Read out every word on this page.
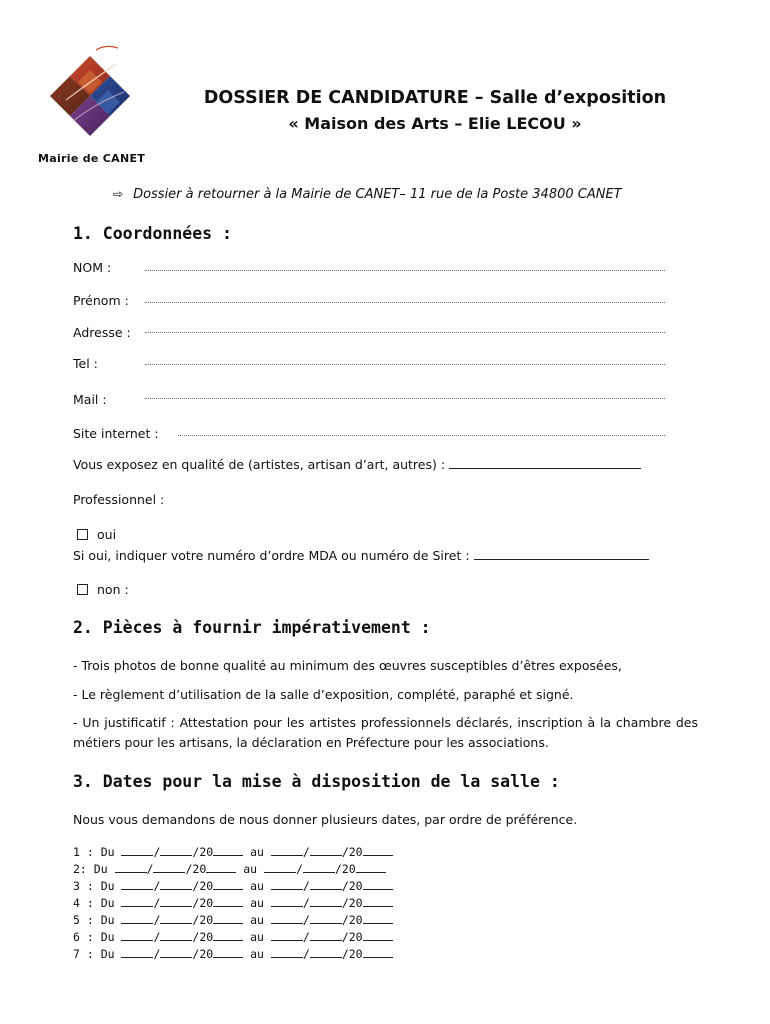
Mairie de CANET
DOSSIER DE CANDIDATURE – Salle d’exposition
« Maison des Arts – Elie LECOU »
⇨ Dossier à retourner à la Mairie de CANET– 11 rue de la Poste 34800 CANET
1. Coordonnées :
NOM :
Prénom :
Adresse :
Tel :
Mail :
Site internet :
Vous exposez en qualité de (artistes, artisan d’art, autres) :
Professionnel :
oui
Si oui, indiquer votre numéro d’ordre MDA ou numéro de Siret :
non :
2. Pièces à fournir impérativement :
- Trois photos de bonne qualité au minimum des œuvres susceptibles d’êtres exposées,
- Le règlement d’utilisation de la salle d’exposition, complété, paraphé et signé.
- Un justificatif : Attestation pour les artistes professionnels déclarés, inscription à la chambre des métiers pour les artisans, la déclaration en Préfecture pour les associations.
3. Dates pour la mise à disposition de la salle :
Nous vous demandons de nous donner plusieurs dates, par ordre de préférence.
1 : Du	/	/20	au	/	/20
2: Du	/	/20	au	/	/20
3 : Du	/	/20	au	/	/20
4 : Du	/	/20	au	/	/20
5 : Du	/	/20	au	/	/20
6 : Du	/	/20	au	/	/20
7 : Du	/	/20	au	/	/20
